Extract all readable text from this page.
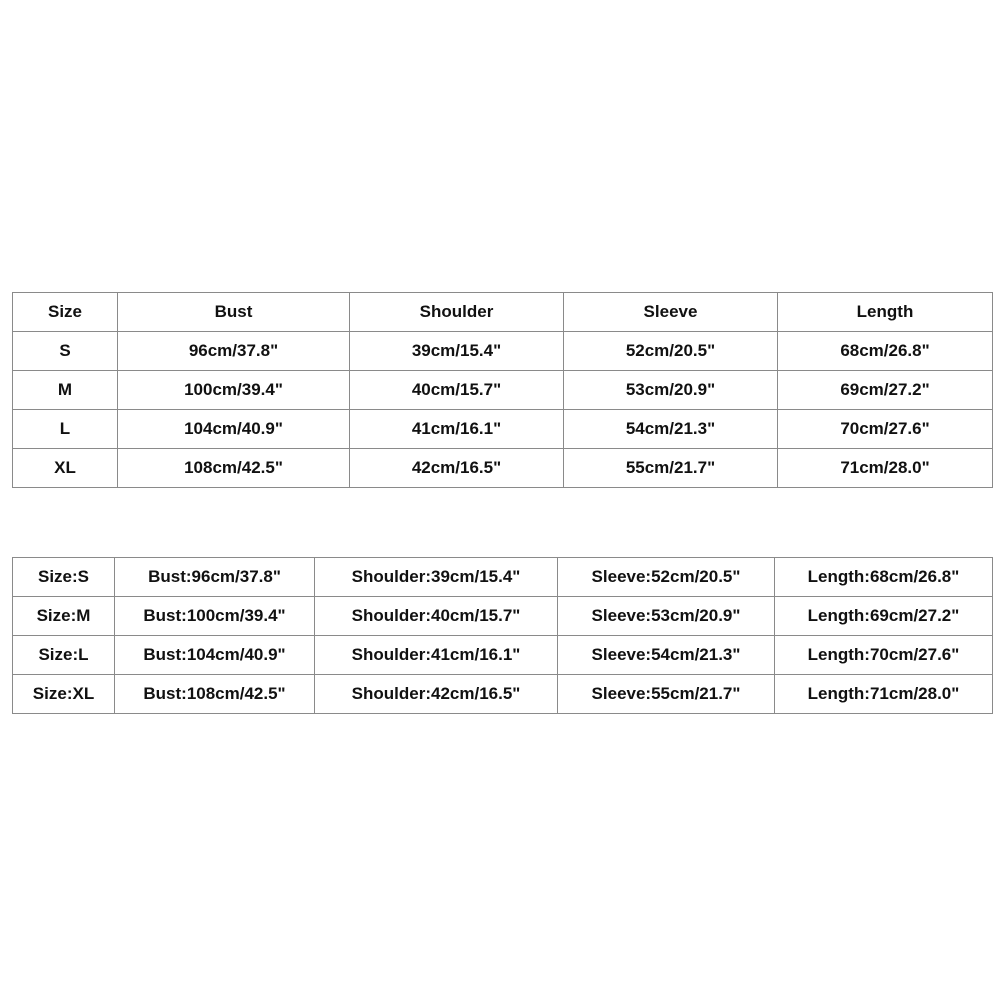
Size	Bust	Shoulder	Sleeve	Length
S	96cm/37.8"	39cm/15.4"	52cm/20.5"	68cm/26.8"
M	100cm/39.4"	40cm/15.7"	53cm/20.9"	69cm/27.2"
L	104cm/40.9"	41cm/16.1"	54cm/21.3"	70cm/27.6"
XL	108cm/42.5"	42cm/16.5"	55cm/21.7"	71cm/28.0"
Size:S	Bust:96cm/37.8"	Shoulder:39cm/15.4"	Sleeve:52cm/20.5"	Length:68cm/26.8"
Size:M	Bust:100cm/39.4"	Shoulder:40cm/15.7"	Sleeve:53cm/20.9"	Length:69cm/27.2"
Size:L	Bust:104cm/40.9"	Shoulder:41cm/16.1"	Sleeve:54cm/21.3"	Length:70cm/27.6"
Size:XL	Bust:108cm/42.5"	Shoulder:42cm/16.5"	Sleeve:55cm/21.7"	Length:71cm/28.0"
